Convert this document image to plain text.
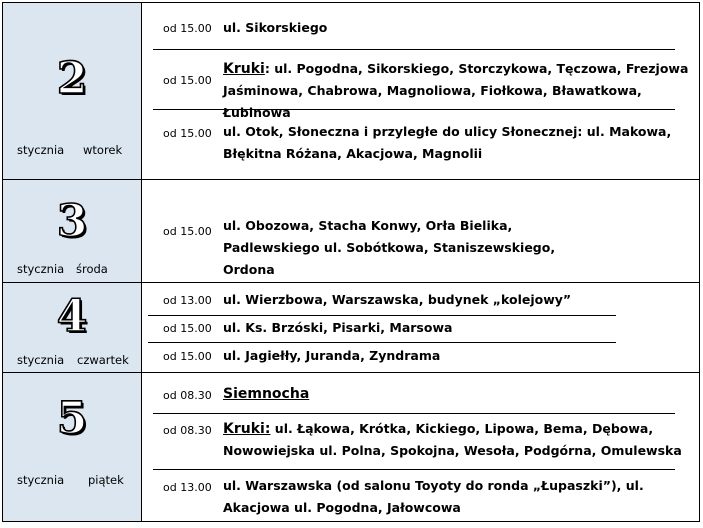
2
stycznia wtorek
od 15.00 ul. Sikorskiego
od 15.00
Kruki: ul. Pogodna, Sikorskiego, Storczykowa, Tęczowa, Frezjowa Jaśminowa, Chabrowa, Magnoliowa, Fiołkowa, Bławatkowa, Łubinowa
od 15.00 ul. Otok, Słoneczna i przyległe do ulicy Słonecznej: ul. Makowa, Błękitna Różana, Akacjowa, Magnolii
3
stycznia środa
od 15.00 ul. Obozowa, Stacha Konwy, Orła Bielika, Padlewskiego ul. Sobótkowa, Staniszewskiego, Ordona
4
stycznia czwartek
od 13.00 ul. Wierzbowa, Warszawska, budynek „kolejowy”
od 15.00 ul. Ks. Brzóski, Pisarki, Marsowa
od 15.00 ul. Jagiełły, Juranda, Zyndrama
5
stycznia piątek
od 08.30 Siemnocha
od 08.30 Kruki: ul. Łąkowa, Krótka, Kickiego, Lipowa, Bema, Dębowa, Nowowiejska ul. Polna, Spokojna, Wesoła, Podgórna, Omulewska
od 13.00 ul. Warszawska (od salonu Toyoty do ronda „Łupaszki”), ul. Akacjowa ul. Pogodna, Jałowcowa
